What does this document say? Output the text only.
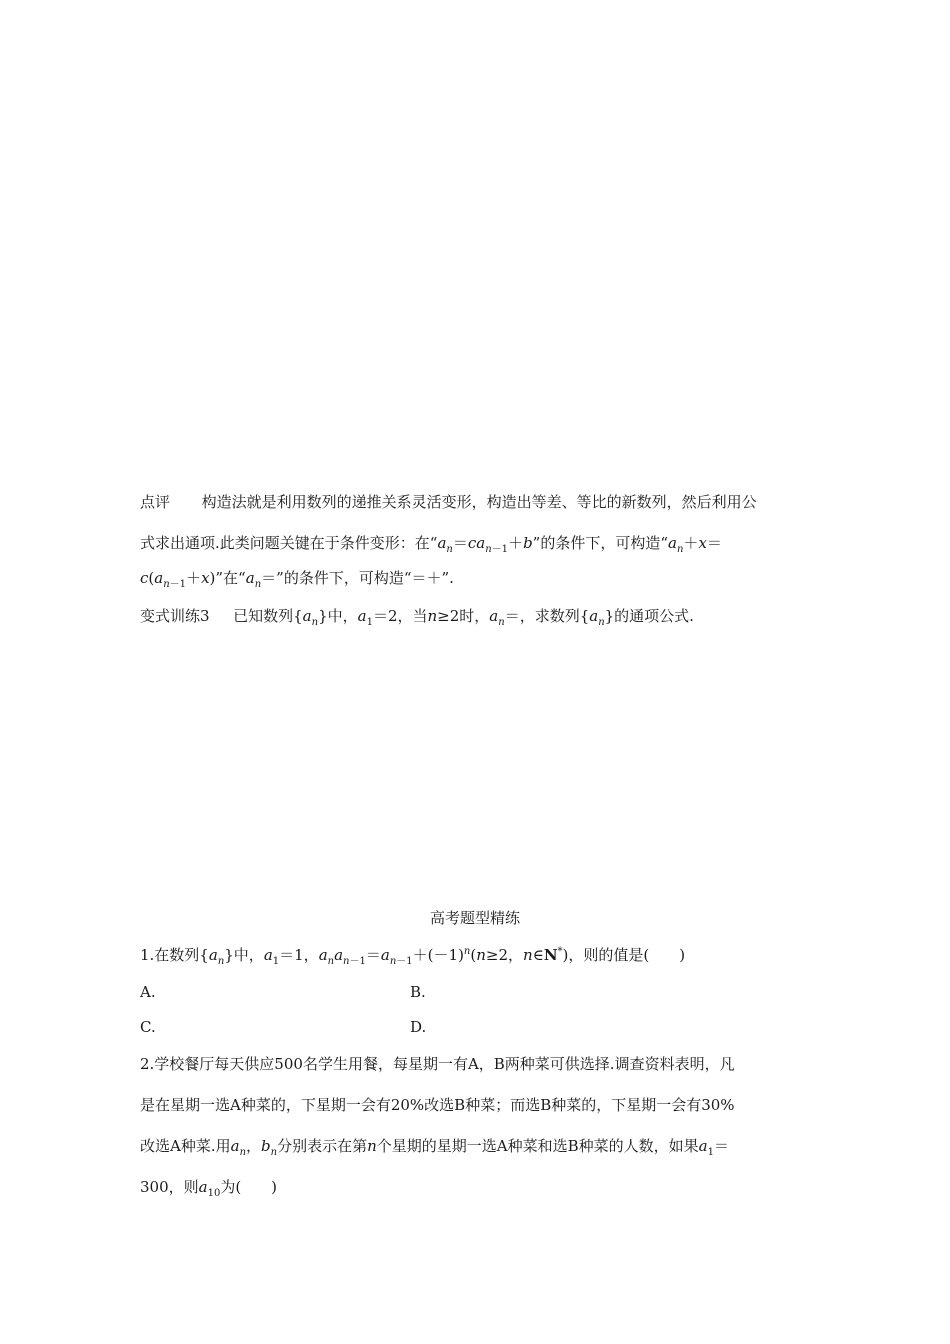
点评 构造法就是利用数列的递推关系灵活变形，构造出等差、等比的新数列，然后利用公
式求出通项.此类问题关键在于条件变形：在“$a_n=ca_{n-1}+b$”的条件下，可构造“$a_n+x=$
$c(a_{n-1}+x)$”在“$a_n=$”的条件下，可构造“＝＋”.
变式训练3 已知数列$\{a_n\}$中，$a_1=2$，当n≥2时，$a_n=$，求数列$\{a_n\}$的通项公式.
高考题型精练
1.在数列$\{a_n\}$中，$a_1=1$，$a_na_{n-1}=a_{n-1}+(-1)^n(n\ge 2$，n∈N*)，则的值是(　　)
A.	B.
C.	D.
2.学校餐厅每天供应500名学生用餐，每星期一有A，B两种菜可供选择.调查资料表明，凡
是在星期一选A种菜的，下星期一会有20%改选B种菜；而选B种菜的，下星期一会有30%
改选A种菜.用$a_n$，$b_n$分别表示在第n个星期的星期一选A种菜和选B种菜的人数，如果$a_1=$
300，则$a_{10}$为(　　)
